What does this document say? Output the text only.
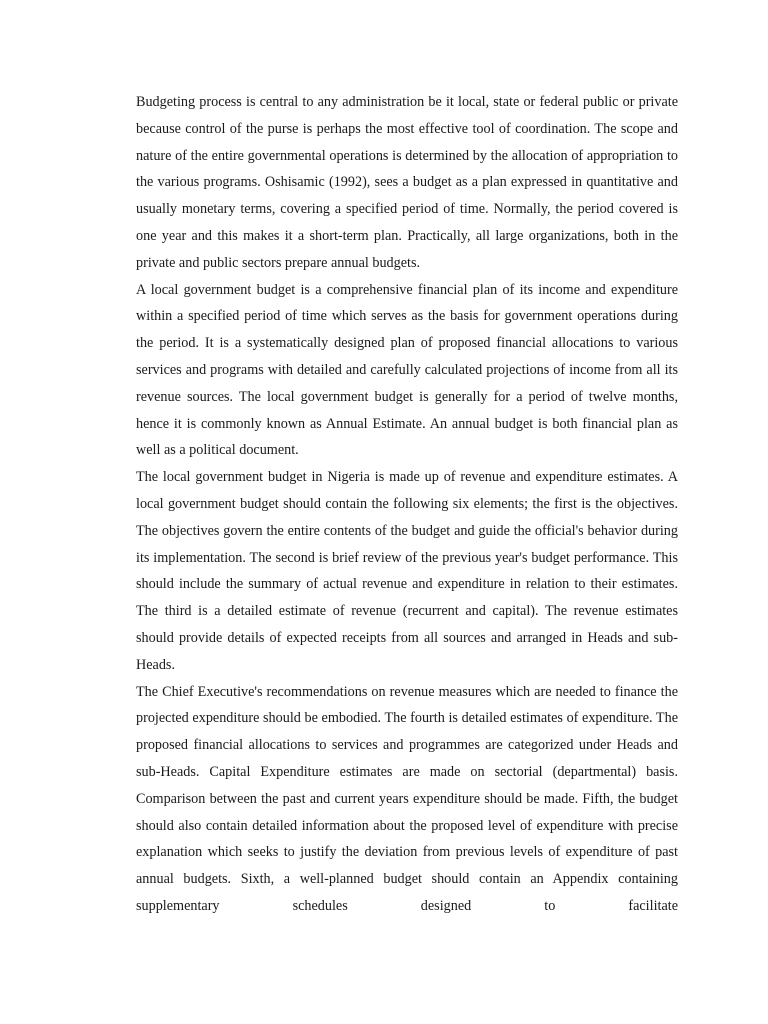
Budgeting process is central to any administration be it local, state or federal public or private because control of the purse is perhaps the most effective tool of coordination. The scope and nature of the entire governmental operations is determined by the allocation of appropriation to the various programs. Oshisamic (1992), sees a budget as a plan expressed in quantitative and usually monetary terms, covering a specified period of time. Normally, the period covered is one year and this makes it a short-term plan. Practically, all large organizations, both in the private and public sectors prepare annual budgets.

A local government budget is a comprehensive financial plan of its income and expenditure within a specified period of time which serves as the basis for government operations during the period. It is a systematically designed plan of proposed financial allocations to various services and programs with detailed and carefully calculated projections of income from all its revenue sources. The local government budget is generally for a period of twelve months, hence it is commonly known as Annual Estimate. An annual budget is both financial plan as well as a political document.

The local government budget in Nigeria is made up of revenue and expenditure estimates. A local government budget should contain the following six elements; the first is the objectives. The objectives govern the entire contents of the budget and guide the official's behavior during its implementation. The second is brief review of the previous year's budget performance. This should include the summary of actual revenue and expenditure in relation to their estimates. The third is a detailed estimate of revenue (recurrent and capital). The revenue estimates should provide details of expected receipts from all sources and arranged in Heads and sub-Heads.

The Chief Executive's recommendations on revenue measures which are needed to finance the projected expenditure should be embodied. The fourth is detailed estimates of expenditure. The proposed financial allocations to services and programmes are categorized under Heads and sub-Heads. Capital Expenditure estimates are made on sectorial (departmental) basis. Comparison between the past and current years expenditure should be made. Fifth, the budget should also contain detailed information about the proposed level of expenditure with precise explanation which seeks to justify the deviation from previous levels of expenditure of past annual budgets. Sixth, a well-planned budget should contain an Appendix containing supplementary schedules designed to facilitate
